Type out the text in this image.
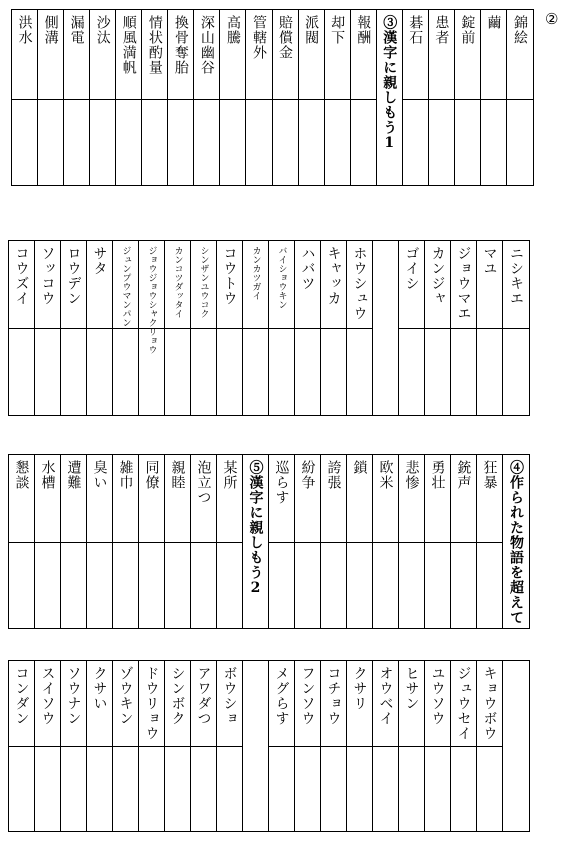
②
錦絵
繭
錠前
患者
碁石
③漢字に親しもう1
報酬
却下
派閥
賠償金
管轄外
高騰
深山幽谷
換骨奪胎
情状酌量
順風満帆
沙汰
漏電
側溝
洪水
ニシキエ
マユ
ジョウマエ
カンジャ
ゴイシ
ホウシュウ
キャッカ
ハバツ
バイショウキン
カンカツガイ
コウトウ
シンザンユウコク
カンコツダッタイ
ジョウジョウシャクリョウ
ジュンプウマンパン
サタ
ロウデン
ソッコウ
コウズイ
④作られた物語を超えて
狂暴
銃声
勇壮
悲惨
欧米
鎖
誇張
紛争
巡らす
⑤漢字に親しもう2
某所
泡立つ
親睦
同僚
雑巾
臭い
遭難
水槽
懇談
キョウボウ
ジュウセイ
ユウソウ
ヒサン
オウベイ
クサリ
コチョウ
フンソウ
メグらす
ボウショ
アワダつ
シンボク
ドウリョウ
ゾウキン
クサい
ソウナン
スイソウ
コンダン
